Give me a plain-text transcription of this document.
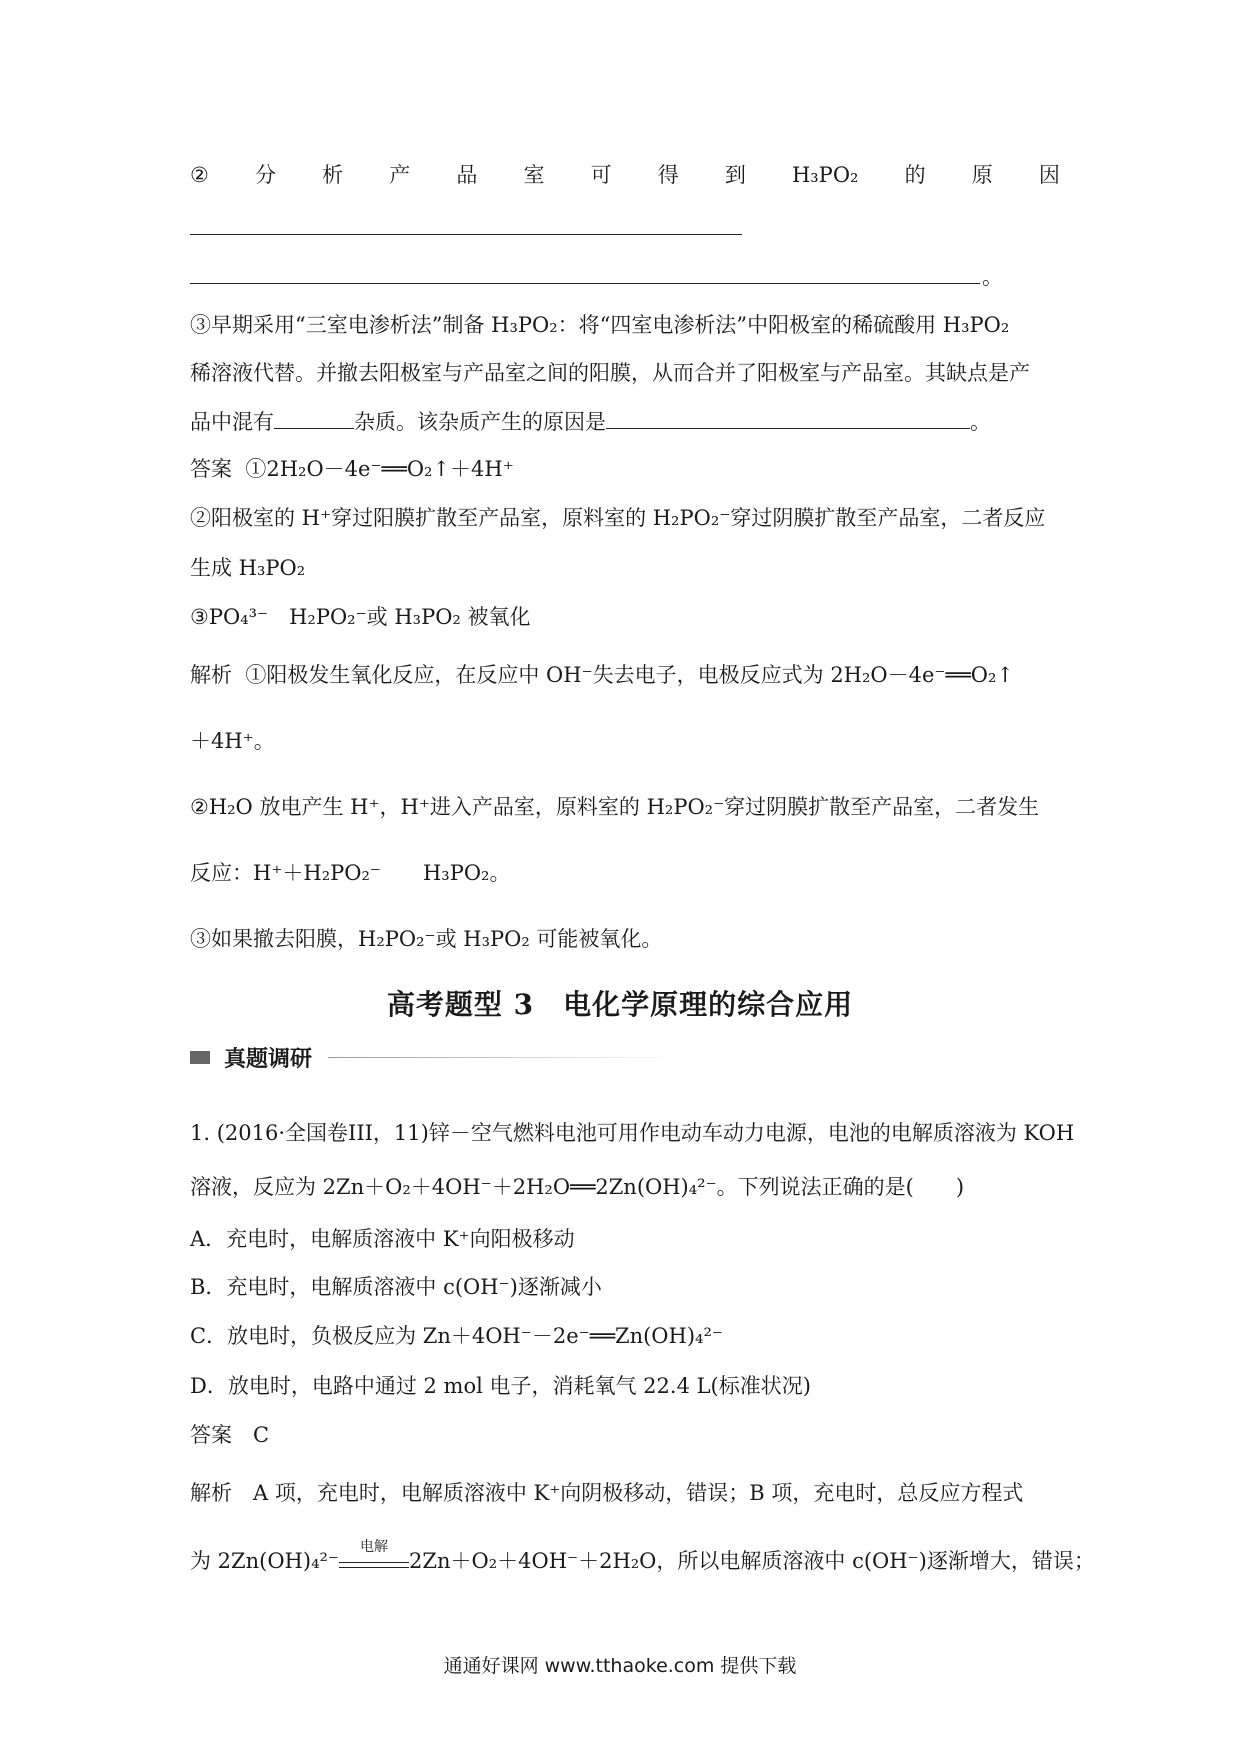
② 分 析 产 品 室 可 得 到 H₃PO₂ 的 原 因
。
③早期采用“三室电渗析法”制备 H₃PO₂：将“四室电渗析法”中阳极室的稀硫酸用 H₃PO₂
稀溶液代替。并撤去阳极室与产品室之间的阳膜，从而合并了阳极室与产品室。其缺点是产
品中混有	杂质。该杂质产生的原因是	。
答案 ①2H₂O－4e⁻══O₂↑＋4H⁺
②阳极室的 H⁺穿过阳膜扩散至产品室，原料室的 H₂PO₂⁻穿过阴膜扩散至产品室，二者反应
生成 H₃PO₂
③PO₄³⁻　H₂PO₂⁻或 H₃PO₂ 被氧化
解析 ①阳极发生氧化反应，在反应中 OH⁻失去电子，电极反应式为 2H₂O－4e⁻══O₂↑
＋4H⁺。
②H₂O 放电产生 H⁺，H⁺进入产品室，原料室的 H₂PO₂⁻穿过阴膜扩散至产品室，二者发生
反应：H⁺＋H₂PO₂⁻　　H₃PO₂。
③如果撤去阳膜，H₂PO₂⁻或 H₃PO₂ 可能被氧化。
高考题型 3　电化学原理的综合应用
真题调研
1. (2016·全国卷III，11)锌－空气燃料电池可用作电动车动力电源，电池的电解质溶液为 KOH
溶液，反应为 2Zn＋O₂＋4OH⁻＋2H₂O══2Zn(OH)₄²⁻。下列说法正确的是(　　)
A．充电时，电解质溶液中 K⁺向阳极移动
B．充电时，电解质溶液中 c(OH⁻)逐渐减小
C．放电时，负极反应为 Zn＋4OH⁻－2e⁻══Zn(OH)₄²⁻
D．放电时，电路中通过 2 mol 电子，消耗氧气 22.4 L(标准状况)
答案　C
解析　A 项，充电时，电解质溶液中 K⁺向阴极移动，错误；B 项，充电时，总反应方程式
为 2Zn(OH)₄²⁻
电解
2Zn＋O₂＋4OH⁻＋2H₂O，所以电解质溶液中 c(OH⁻)逐渐增大，错误；
通通好课网 www.tthaoke.com 提供下载
